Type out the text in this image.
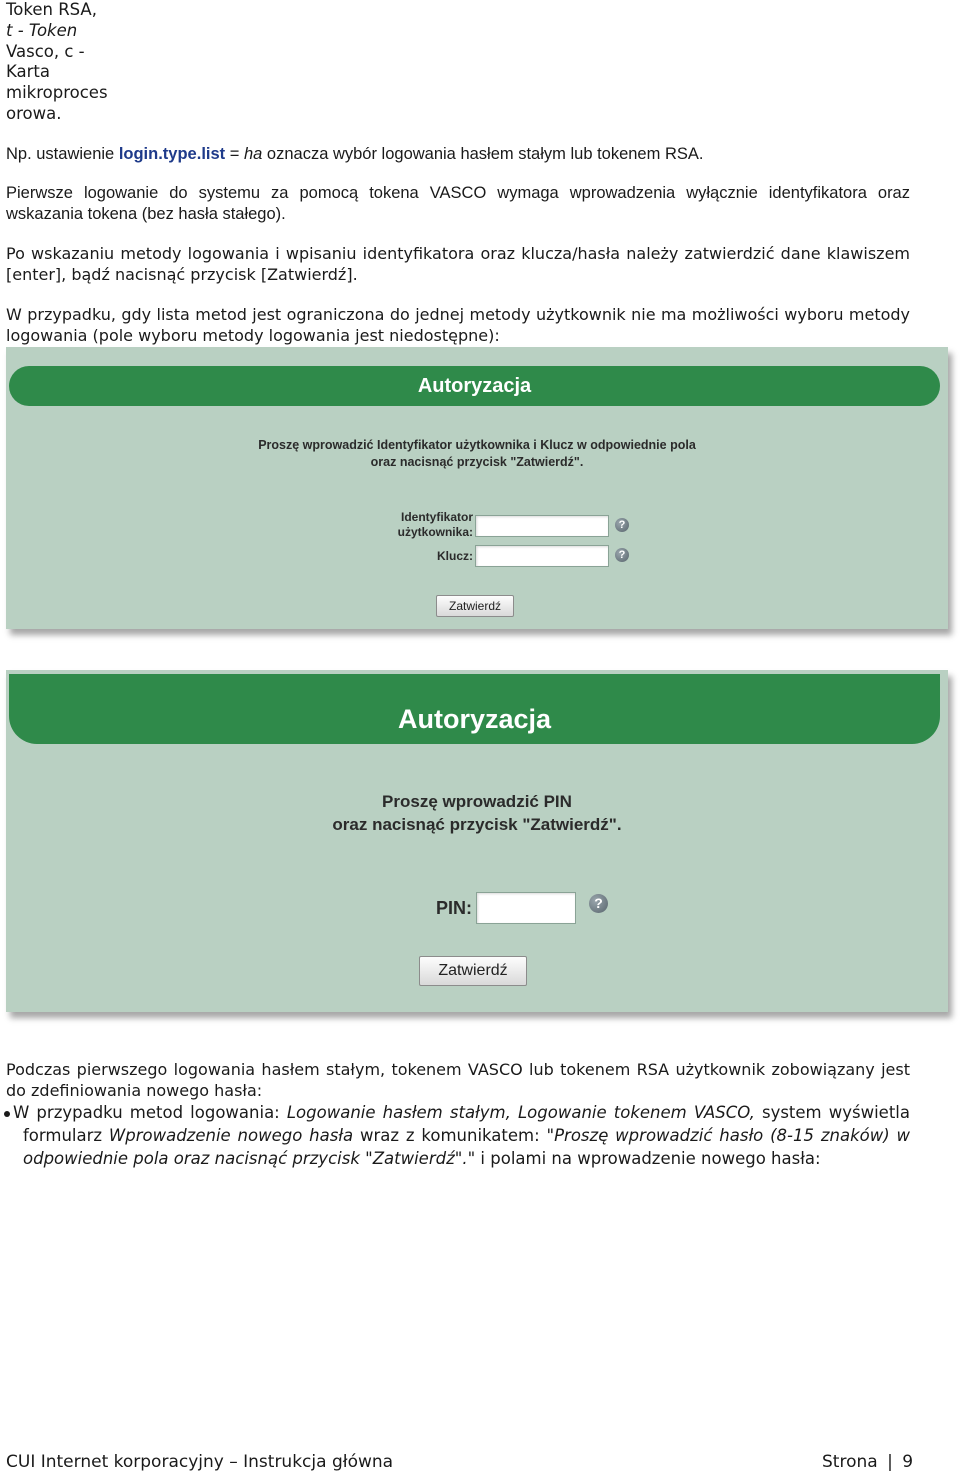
Token RSA,
t - Token
Vasco, c -
Karta
mikroproces
orowa.

Np. ustawienie login.type.list = ha oznacza wybór logowania hasłem stałym lub tokenem RSA.

Pierwsze logowanie do systemu za pomocą tokena VASCO wymaga wprowadzenia wyłącznie identyfikatora oraz wskazania tokena (bez hasła stałego).

Po wskazaniu metody logowania i wpisaniu identyfikatora oraz klucza/hasła należy zatwierdzić dane klawiszem [enter], bądź nacisnąć przycisk [Zatwierdź].

W przypadku, gdy lista metod jest ograniczona do jednej metody użytkownik nie ma możliwości wyboru metody logowania (pole wyboru metody logowania jest niedostępne):

Autoryzacja
Proszę wprowadzić Identyfikator użytkownika i Klucz w odpowiednie pola
oraz nacisnąć przycisk "Zatwierdź".
Identyfikator
użytkownika:	?
Klucz:	?
Zatwierdź
Autoryzacja
Proszę wprowadzić PIN
oraz nacisnąć przycisk "Zatwierdź".
PIN:	?
Zatwierdź

Podczas pierwszego logowania hasłem stałym, tokenem VASCO lub tokenem RSA użytkownik zobowiązany jest do zdefiniowania nowego hasła:

W przypadku metod logowania: Logowanie hasłem stałym, Logowanie tokenem VASCO, system wyświetla formularz Wprowadzenie nowego hasła wraz z komunikatem: "Proszę wprowadzić hasło (8-15 znaków) w odpowiednie pola oraz nacisnąć przycisk "Zatwierdź"." i polami na wprowadzenie nowego hasła:

CUI Internet korporacyjny – Instrukcja główna	Strona | 9
